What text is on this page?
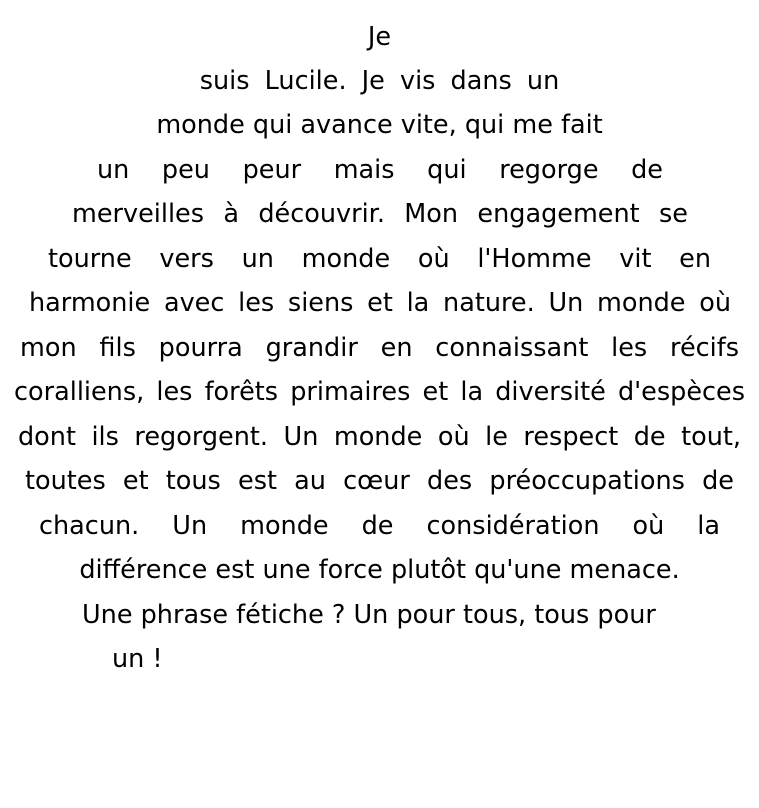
Je
suis Lucile. Je vis dans un
monde qui avance vite, qui me fait
un peu peur mais qui regorge de
merveilles à découvrir. Mon engagement se
tourne vers un monde où l'Homme vit en
harmonie avec les siens et la nature. Un monde où
mon fils pourra grandir en connaissant les récifs
coralliens, les forêts primaires et la diversité d'espèces
dont ils regorgent. Un monde où le respect de tout,
toutes et tous est au cœur des préoccupations de
chacun. Un monde de considération où la
différence est une force plutôt qu'une menace.
Une phrase fétiche ? Un pour tous, tous pour
un !
